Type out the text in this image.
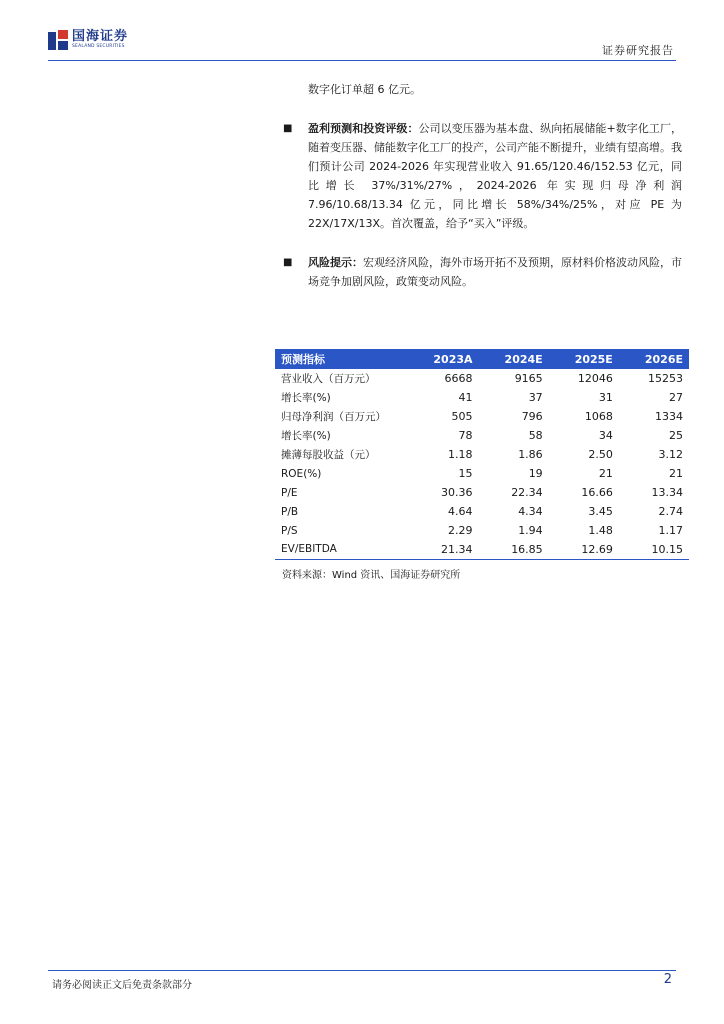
国海证券
SEALAND SECURITIES	证券研究报告

数字化订单超 6 亿元。

■	盈利预测和投资评级：公司以变压器为基本盘、纵向拓展储能+数字化工厂，随着变压器、储能数字化工厂的投产，公司产能不断提升，业绩有望高增。我们预计公司 2024-2026 年实现营业收入 91.65/120.46/152.53 亿元，同比增长 37%/31%/27%，2024-2026 年实现归母净利润 7.96/10.68/13.34 亿元，同比增长 58%/34%/25%，对应 PE 为 22X/17X/13X。首次覆盖，给予“买入”评级。

■	风险提示：宏观经济风险，海外市场开拓不及预期，原材料价格波动风险，市场竞争加剧风险，政策变动风险。

预测指标	2023A	2024E	2025E	2026E
营业收入（百万元）	6668	9165	12046	15253
增长率(%)	41	37	31	27
归母净利润（百万元）	505	796	1068	1334
增长率(%)	78	58	34	25
摊薄每股收益（元）	1.18	1.86	2.50	3.12
ROE(%)	15	19	21	21
P/E	30.36	22.34	16.66	13.34
P/B	4.64	4.34	3.45	2.74
P/S	2.29	1.94	1.48	1.17
EV/EBITDA	21.34	16.85	12.69	10.15

资料来源：Wind 资讯、国海证券研究所

请务必阅读正文后免责条款部分	2
